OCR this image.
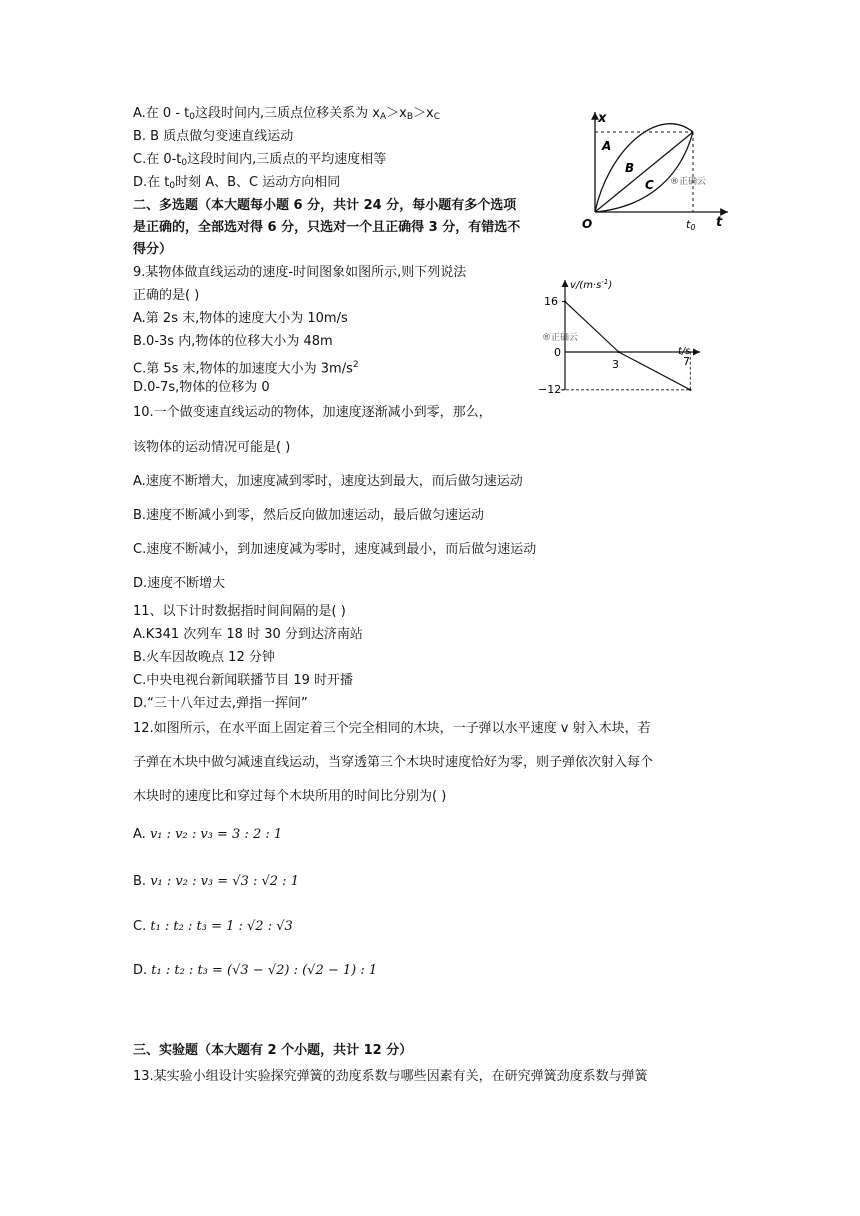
A.在 $0 - t_0$这段时间内,三质点位移关系为 $x_A>x_B>x_C$
B. B 质点做匀变速直线运动
C.在 $0-t_0$这段时间内,三质点的平均速度相等
D.在 $t_0$时刻 A、B、C 运动方向相同
二、多选题（本大题每小题 6 分，共计 24 分，每小题有多个选项
是正确的，全部选对得 6 分，只选对一个且正确得 3 分，有错选不
得分）
9.某物体做直线运动的速度-时间图象如图所示,则下列说法
正确的是( )
A.第 2s 末,物体的速度大小为 10m/s
B.0-3s 内,物体的位移大小为 48m
C.第 5s 末,物体的加速度大小为 $3m/s^2$
D.0-7s,物体的位移为 0
10.一个做变速直线运动的物体，加速度逐渐减小到零，那么，
该物体的运动情况可能是( )
A.速度不断增大，加速度减到零时，速度达到最大，而后做匀速运动
B.速度不断减小到零，然后反向做加速运动，最后做匀速运动
C.速度不断减小，到加速度减为零时，速度减到最小，而后做匀速运动
D.速度不断增大
11、以下计时数据指时间间隔的是( )
A.K341 次列车 18 时 30 分到达济南站
B.火车因故晚点 12 分钟
C.中央电视台新闻联播节目 19 时开播
D.“三十八年过去,弹指一挥间”
12.如图所示，在水平面上固定着三个完全相同的木块，一子弹以水平速度 v 射入木块，若
子弹在木块中做匀减速直线运动，当穿透第三个木块时速度恰好为零，则子弹依次射入每个
木块时的速度比和穿过每个木块所用的时间比分别为( )
A. v₁ : v₂ : v₃ = 3 : 2 : 1
B. v₁ : v₂ : v₃ = √3 : √2 : 1
C. t₁ : t₂ : t₃ = 1 : √2 : √3
D. t₁ : t₂ : t₃ = (√3 − √2) : (√2 − 1) : 1
三、实验题（本大题有 2 个小题，共计 12 分）
13.某实验小组设计实验探究弹簧的劲度系数与哪些因素有关，在研究弹簧劲度系数与弹簧
x
t
O	t0
A
B
C ®正确云
$v/(m\cdot s^{-1})$
t/s
0
16
−12
3	7
®正确云
